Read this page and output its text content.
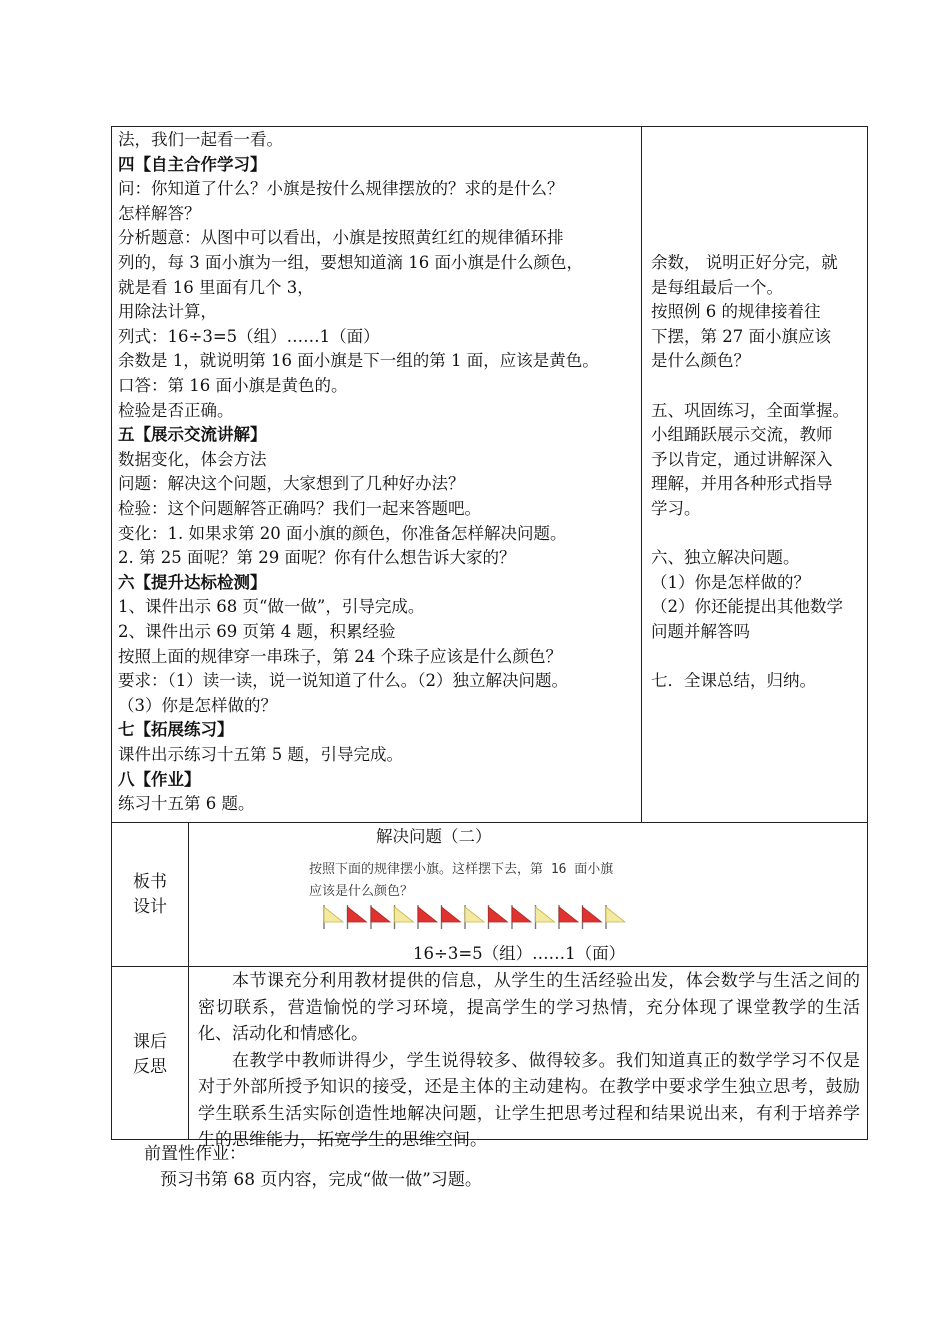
法，我们一起看一看。
四【自主合作学习】
问：你知道了什么？小旗是按什么规律摆放的？求的是什么？
怎样解答？
分析题意：从图中可以看出，小旗是按照黄红红的规律循环排
列的，每 3 面小旗为一组，要想知道滴 16 面小旗是什么颜色，
就是看 16 里面有几个 3，
用除法计算，
列式：16÷3=5（组）……1（面）
余数是 1，就说明第 16 面小旗是下一组的第 1 面，应该是黄色。
口答：第 16 面小旗是黄色的。
检验是否正确。
五【展示交流讲解】
数据变化，体会方法
问题：解决这个问题，大家想到了几种好办法？
检验：这个问题解答正确吗？我们一起来答题吧。
变化：1. 如果求第 20 面小旗的颜色，你准备怎样解决问题。
2. 第 25 面呢？第 29 面呢？你有什么想告诉大家的？
六【提升达标检测】
1、课件出示 68 页“做一做”，引导完成。
2、课件出示 69 页第 4 题，积累经验
按照上面的规律穿一串珠子，第 24 个珠子应该是什么颜色？
要求：（1）读一读，说一说知道了什么。（2）独立解决问题。
（3）你是怎样做的？
七【拓展练习】
课件出示练习十五第 5 题，引导完成。
八【作业】
练习十五第 6 题。
余数， 说明正好分完，就
是每组最后一个。
按照例 6 的规律接着往
下摆，第 27 面小旗应该
是什么颜色？
五、巩固练习，全面掌握。
小组踊跃展示交流，教师
予以肯定，通过讲解深入
理解，并用各种形式指导
学习。
六、独立解决问题。
（1）你是怎样做的？
（2）你还能提出其他数学
问题并解答吗
七．全课总结，归纳。
板书
设计
解决问题（二）
按照下面的规律摆小旗。这样摆下去，第 16 面小旗
应该是什么颜色？
16÷3=5（组）……1（面）
课后
反思

本节课充分利用教材提供的信息，从学生的生活经验出发，体会数学与生活之间的密切联系，营造愉悦的学习环境，提高学生的学习热情，充分体现了课堂教学的生活化、活动化和情感化。

在教学中教师讲得少，学生说得较多、做得较多。我们知道真正的数学学习不仅是对于外部所授予知识的接受，还是主体的主动建构。在教学中要求学生独立思考，鼓励学生联系生活实际创造性地解决问题，让学生把思考过程和结果说出来，有利于培养学生的思维能力，拓宽学生的思维空间。

前置性作业：
预习书第 68 页内容，完成“做一做”习题。
